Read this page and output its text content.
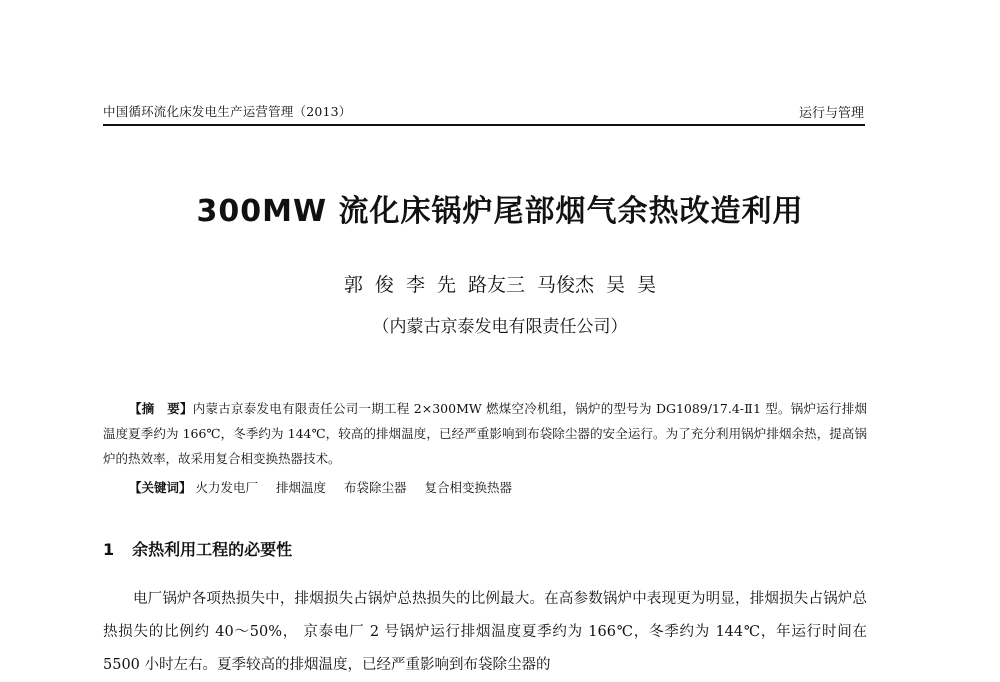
中国循环流化床发电生产运营管理（2013）	运行与管理
300MW 流化床锅炉尾部烟气余热改造利用
郭 俊 李 先 路友三 马俊杰 吴 昊
（内蒙古京泰发电有限责任公司）
【摘　要】内蒙古京泰发电有限责任公司一期工程 2×300MW 燃煤空冷机组，锅炉的型号为 DG1089/17.4-Ⅱ1 型。锅炉运行排烟温度夏季约为 166℃，冬季约为 144℃，较高的排烟温度，已经严重影响到布袋除尘器的安全运行。为了充分利用锅炉排烟余热，提高锅炉的热效率，故采用复合相变换热器技术。
【关键词】 火力发电厂 排烟温度 布袋除尘器 复合相变换热器
1 余热利用工程的必要性
电厂锅炉各项热损失中，排烟损失占锅炉总热损失的比例最大。在高参数锅炉中表现更为明显，排烟损失占锅炉总热损失的比例约 40～50%， 京泰电厂 2 号锅炉运行排烟温度夏季约为 166℃，冬季约为 144℃，年运行时间在 5500 小时左右。夏季较高的排烟温度，已经严重影响到布袋除尘器的
